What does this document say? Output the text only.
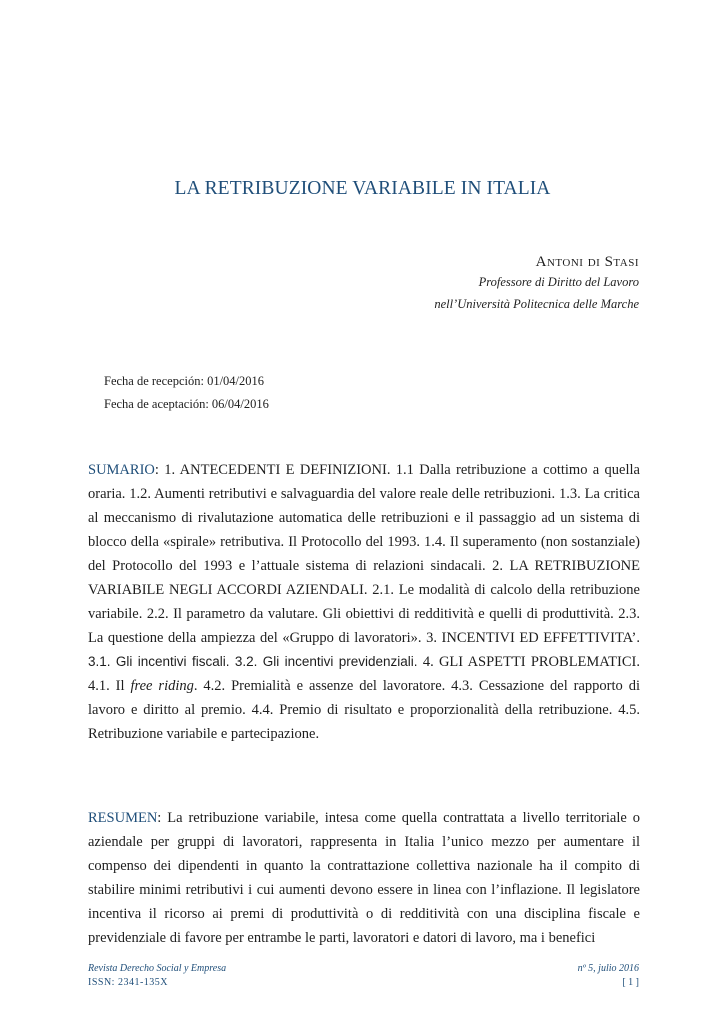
LA RETRIBUZIONE VARIABILE IN ITALIA
Antoni di Stasi
Professore di Diritto del Lavoro
nell’Università Politecnica delle Marche
Fecha de recepción: 01/04/2016
Fecha de aceptación: 06/04/2016

SUMARIO: 1. ANTECEDENTI E DEFINIZIONI. 1.1 Dalla retribuzione a cottimo a quella oraria. 1.2. Aumenti retributivi e salvaguardia del valore reale delle retribuzioni. 1.3. La critica al meccanismo di rivalutazione automatica delle retribuzioni e il passaggio ad un sistema di blocco della «spirale» retributiva. Il Protocollo del 1993. 1.4. Il superamento (non sostanziale) del Protocollo del 1993 e l’attuale sistema di relazioni sindacali. 2. LA RETRIBUZIONE VARIABILE NEGLI ACCORDI AZIENDALI. 2.1. Le modalità di calcolo della retribuzione variabile. 2.2. Il parametro da valutare. Gli obiettivi di redditività e quelli di produttività. 2.3. La questione della ampiezza del «Gruppo di lavoratori». 3. INCENTIVI ED EFFETTIVITA’. 3.1. Gli incentivi fiscali. 3.2. Gli incentivi previdenziali. 4. GLI ASPETTI PROBLEMATICI. 4.1. Il free riding. 4.2. Premialità e assenze del lavoratore. 4.3. Cessazione del rapporto di lavoro e diritto al premio. 4.4. Premio di risultato e proporzionalità della retribuzione. 4.5. Retribuzione variabile e partecipazione.

RESUMEN: La retribuzione variabile, intesa come quella contrattata a livello territoriale o aziendale per gruppi di lavoratori, rappresenta in Italia l’unico mezzo per aumentare il compenso dei dipendenti in quanto la contrattazione collettiva nazionale ha il compito di stabilire minimi retributivi i cui aumenti devono essere in linea con l’inflazione. Il legislatore incentiva il ricorso ai premi di produttività o di redditività con una disciplina fiscale e previdenziale di favore per entrambe le parti, lavoratori e datori di lavoro, ma i benefici

Revista Derecho Social y Empresa
ISSN: 2341-135X
nº 5, julio 2016
[ 1 ]
